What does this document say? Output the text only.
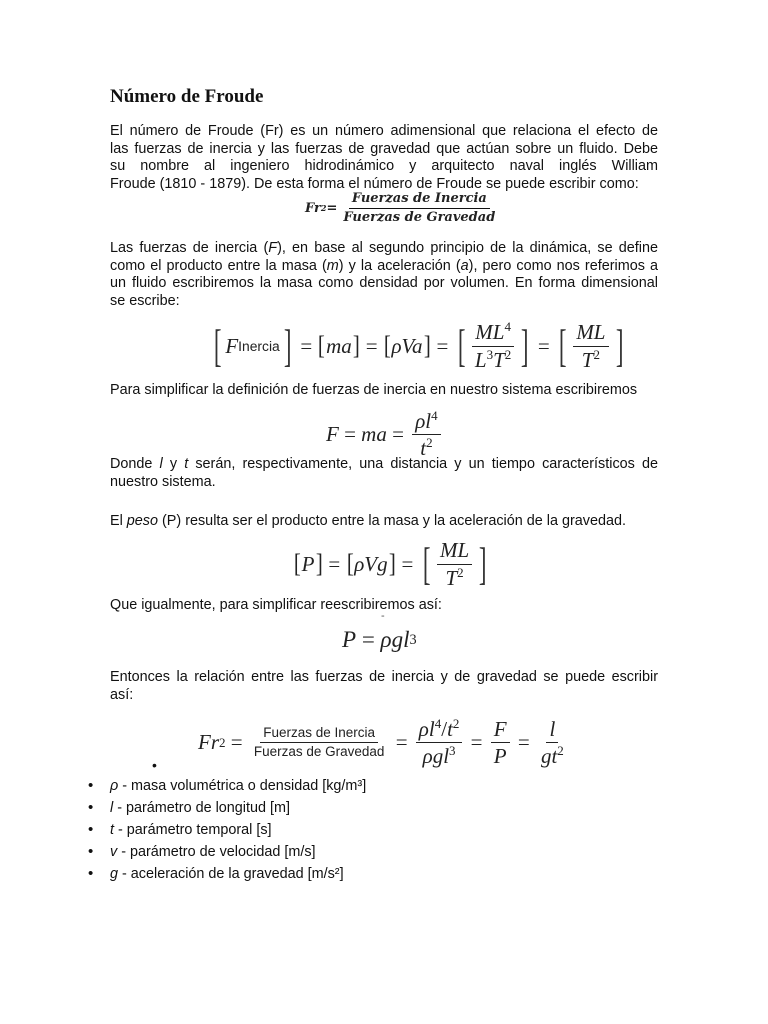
Número de Froude

El número de Froude (Fr) es un número adimensional que relaciona el efecto de
las fuerzas de inercia y las fuerzas de gravedad que actúan sobre un fluido. Debe
su nombre al ingeniero hidrodinámico y arquitecto naval inglés William
Froude (1810 - 1879). De esta forma el número de Froude se puede escribir como:

Fr $2 = \frac{\text{Fuerzas de Inercia}}{\text{Fuerzas de Gravedad}}$

Las fuerzas de inercia (F), en base al segundo principio de la dinámica, se define
como el producto entre la masa (m) y la aceleración (a), pero como nos referimos a
un fluido escribiremos la masa como densidad por volumen. En forma dimensional
se escribe:

[ F Inercia ] = [ ma ] = [ ρVa ] = [ $\frac{ML^4}{L^3T^2}$ ] = [ $\frac{ML}{T^2}$ ]

Para simplificar la definición de fuerzas de inercia en nuestro sistema escribiremos

F = ma = $\frac{\rho l^4}{t^2}$

Donde l y t serán, respectivamente, una distancia y un tiempo característicos de
nuestro sistema.

El peso (P) resulta ser el producto entre la masa y la aceleración de la gravedad.

[ P ] = [ ρVg ] = [ $\frac{ML}{T^2}$ ]

Que igualmente, para simplificar reescribiremos así:

-
P = ρgl 3

Entonces la relación entre las fuerzas de inercia y de gravedad se puede escribir
así:

Fr $2 = \frac{\text{Fuerzas de Inercia}}{\text{Fuerzas de Gravedad}} = \frac{\rho l^4/t^2}{\rho gl^3} = \frac{F}{P} = \frac{l}{gt^2}$
•
• ρ - masa volumétrica o densidad [kg/m³]
• l - parámetro de longitud [m]
• t - parámetro temporal [s]
• v - parámetro de velocidad [m/s]
• g - aceleración de la gravedad [m/s²]
